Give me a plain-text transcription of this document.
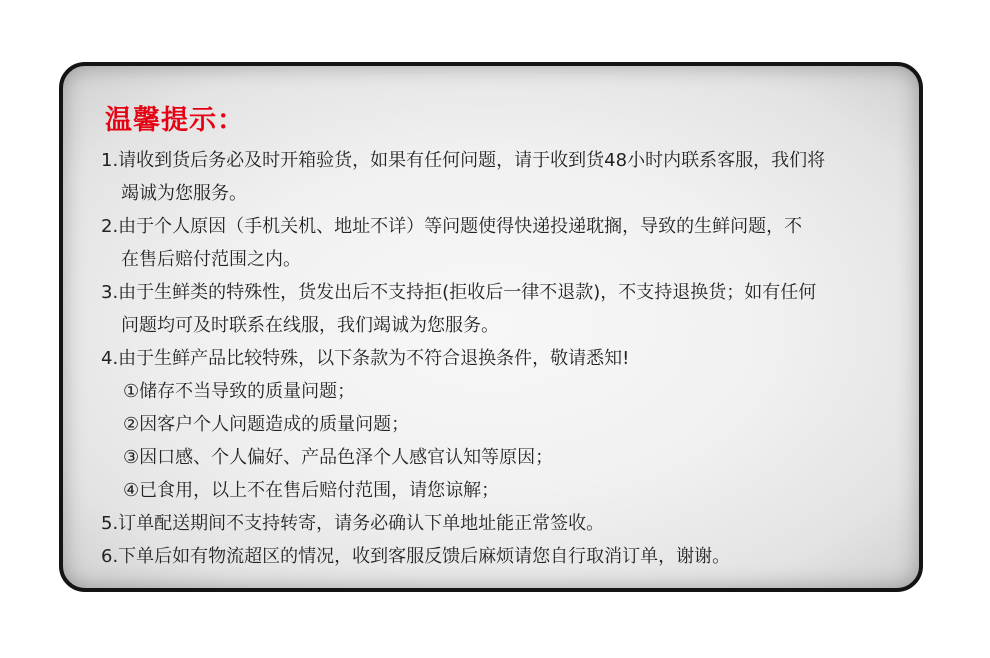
温馨提示：
1.请收到货后务必及时开箱验货，如果有任何问题，请于收到货48小时内联系客服，我们将
竭诚为您服务。
2.由于个人原因（手机关机、地址不详）等问题使得快递投递耽搁，导致的生鲜问题，不
在售后赔付范围之内。
3.由于生鲜类的特殊性，货发出后不支持拒(拒收后一律不退款)，不支持退换货；如有任何
问题均可及时联系在线服，我们竭诚为您服务。
4.由于生鲜产品比较特殊，以下条款为不符合退换条件，敬请悉知!
①储存不当导致的质量问题；
②因客户个人问题造成的质量问题；
③因口感、个人偏好、产品色泽个人感官认知等原因；
④已食用，以上不在售后赔付范围，请您谅解；
5.订单配送期间不支持转寄，请务必确认下单地址能正常签收。
6.下单后如有物流超区的情况，收到客服反馈后麻烦请您自行取消订单，谢谢。
